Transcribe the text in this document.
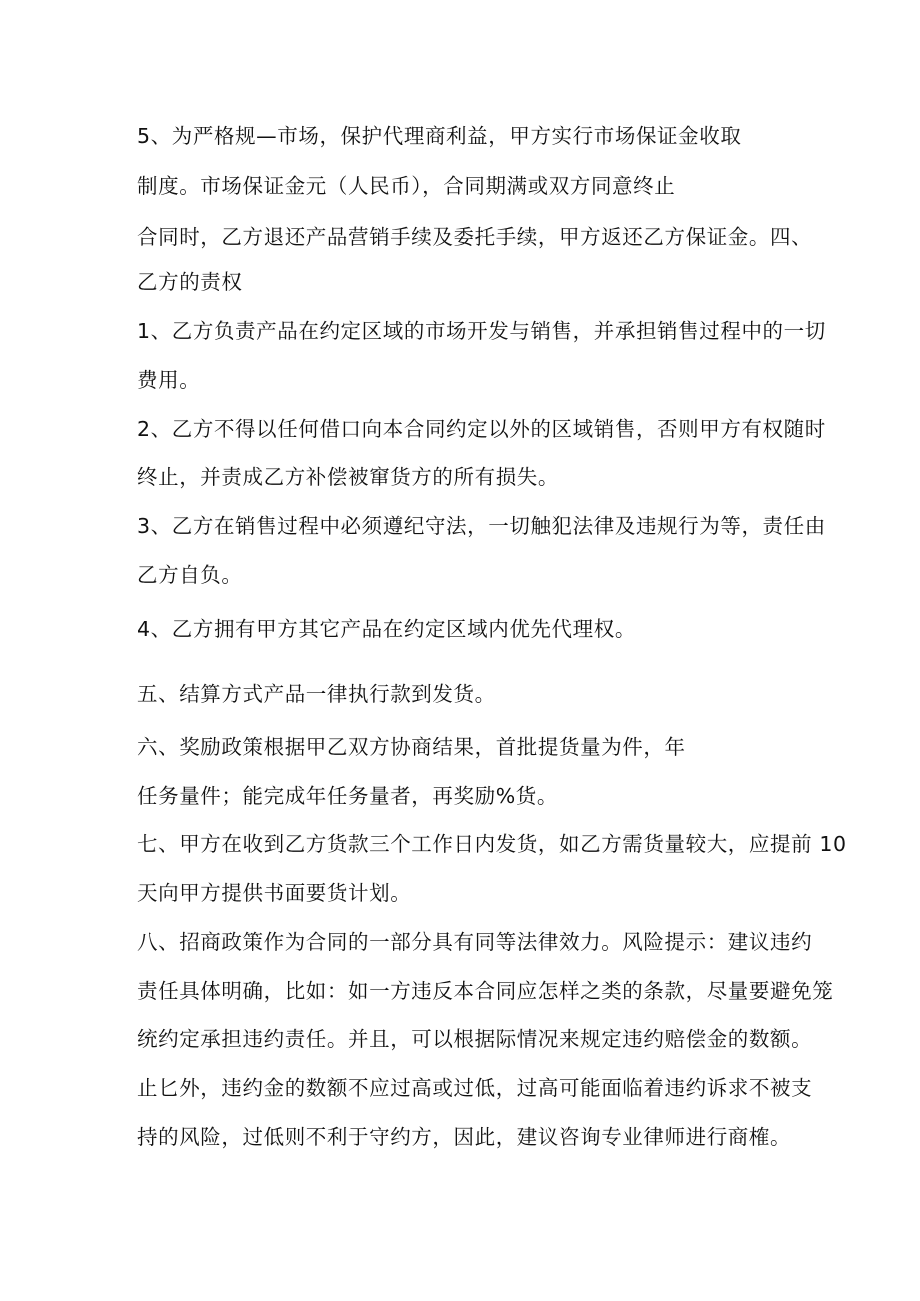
5、为严格规—市场，保护代理商利益，甲方实行市场保证金收取
制度。市场保证金元（人民币），合同期满或双方同意终止
合同时，乙方退还产品营销手续及委托手续，甲方返还乙方保证金。四、
乙方的责权
1、乙方负责产品在约定区域的市场开发与销售，并承担销售过程中的一切
费用。
2、乙方不得以任何借口向本合同约定以外的区域销售，否则甲方有权随时
终止，并责成乙方补偿被窜货方的所有损失。
3、乙方在销售过程中必须遵纪守法，一切触犯法律及违规行为等，责任由
乙方自负。
4、乙方拥有甲方其它产品在约定区域内优先代理权。
五、结算方式产品一律执行款到发货。
六、奖励政策根据甲乙双方协商结果，首批提货量为件，年
任务量件；能完成年任务量者，再奖励%货。
七、甲方在收到乙方货款三个工作日内发货，如乙方需货量较大，应提前 10
天向甲方提供书面要货计划。
八、招商政策作为合同的一部分具有同等法律效力。风险提示：建议违约
责任具体明确，比如：如一方违反本合同应怎样之类的条款，尽量要避免笼
统约定承担违约责任。并且，可以根据际情况来规定违约赔偿金的数额。
止匕外，违约金的数额不应过高或过低，过高可能面临着违约诉求不被支
持的风险，过低则不利于守约方，因此，建议咨询专业律师进行商榷。
